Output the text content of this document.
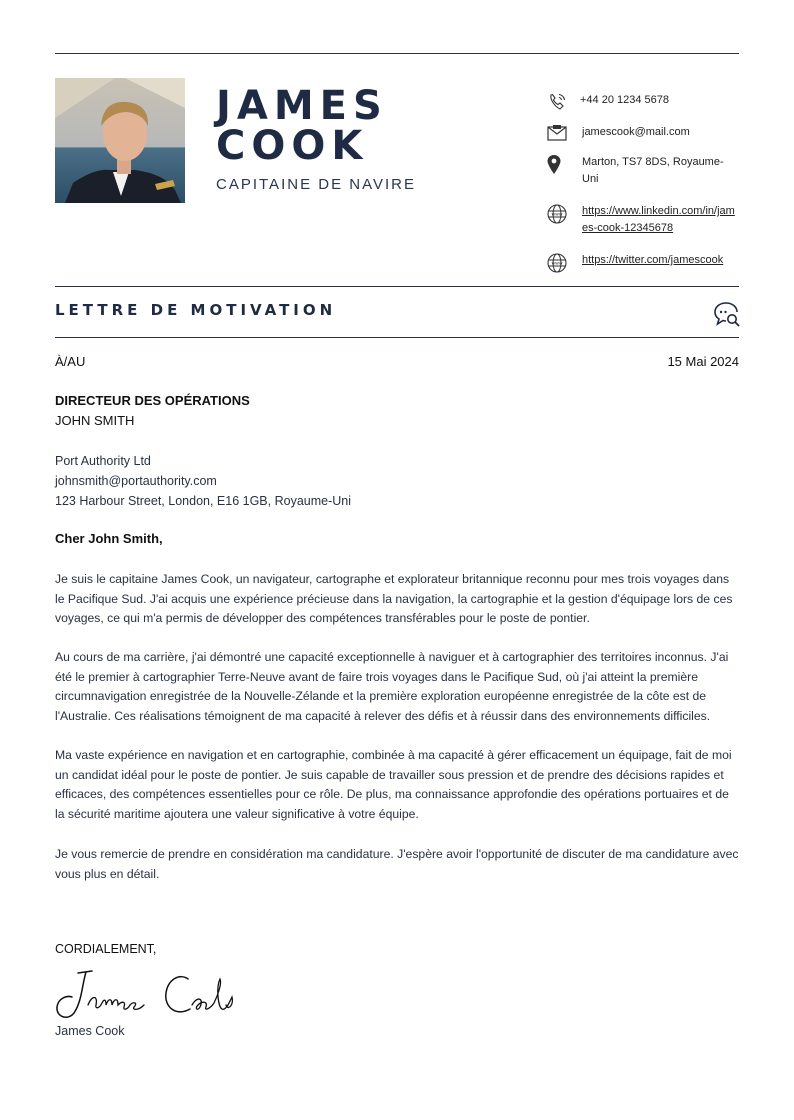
JAMES
COOK
CAPITAINE DE NAVIRE
+44 20 1234 5678
jamescook@mail.com
Marton, TS7 8DS, Royaume-Uni
www https://www.linkedin.com/in/james-cook-12345678
www https://twitter.com/jamescook
LETTRE DE MOTIVATION
À/AU	15 Mai 2024
DIRECTEUR DES OPÉRATIONS
JOHN SMITH
Port Authority Ltd
johnsmith@portauthority.com
123 Harbour Street, London, E16 1GB, Royaume-Uni
Cher John Smith,
Je suis le capitaine James Cook, un navigateur, cartographe et explorateur britannique reconnu pour mes trois voyages dans le Pacifique Sud. J'ai acquis une expérience précieuse dans la navigation, la cartographie et la gestion d'équipage lors de ces voyages, ce qui m'a permis de développer des compétences transférables pour le poste de pontier.
Au cours de ma carrière, j'ai démontré une capacité exceptionnelle à naviguer et à cartographier des territoires inconnus. J'ai été le premier à cartographier Terre-Neuve avant de faire trois voyages dans le Pacifique Sud, où j'ai atteint la première circumnavigation enregistrée de la Nouvelle-Zélande et la première exploration européenne enregistrée de la côte est de l'Australie. Ces réalisations témoignent de ma capacité à relever des défis et à réussir dans des environnements difficiles.
Ma vaste expérience en navigation et en cartographie, combinée à ma capacité à gérer efficacement un équipage, fait de moi un candidat idéal pour le poste de pontier. Je suis capable de travailler sous pression et de prendre des décisions rapides et efficaces, des compétences essentielles pour ce rôle. De plus, ma connaissance approfondie des opérations portuaires et de la sécurité maritime ajoutera une valeur significative à votre équipe.
Je vous remercie de prendre en considération ma candidature. J'espère avoir l'opportunité de discuter de ma candidature avec vous plus en détail.
CORDIALEMENT,
James Cook
James Cook
